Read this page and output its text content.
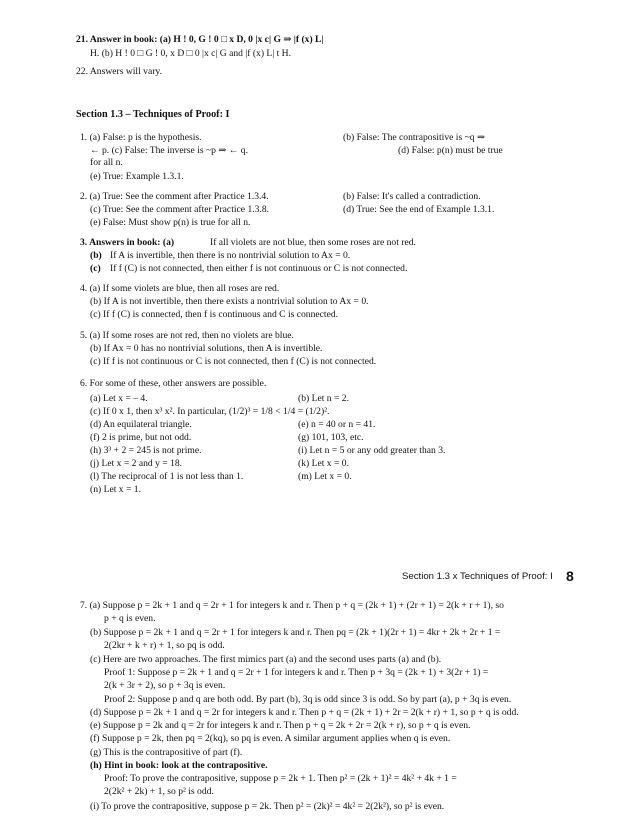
21. Answer in book: (a) H ! 0, G ! 0 □ x D, 0 |x c| G ⇒ |f (x) L|
H. (b) H ! 0 □ G ! 0, x D □ 0 |x c| G and |f (x) L| t H.
22. Answers will vary.
Section 1.3 – Techniques of Proof: I
1. (a) False: p is the hypothesis.	(b) False: The contrapositive is ~q ⇒
← p. (c) False: The inverse is ~p ⇒ ← q.	(d) False: p(n) must be true
for all n.
(e) True: Example 1.3.1.
2. (a) True: See the comment after Practice 1.3.4.	(b) False: It's called a contradiction.
(c) True: See the comment after Practice 1.3.8.	(d) True: See the end of Example 1.3.1.
(e) False: Must show p(n) is true for all n.
3. Answers in book: (a)	If all violets are not blue, then some roses are not red.
(b) If A is invertible, then there is no nontrivial solution to Ax = 0.
(c) If f (C) is not connected, then either f is not continuous or C is not connected.
4. (a) If some violets are blue, then all roses are red.
(b) If A is not invertible, then there exists a nontrivial solution to Ax = 0.
(c) If f (C) is connected, then f is continuous and C is connected.
5. (a) If some roses are not red, then no violets are blue.
(b) If Ax = 0 has no nontrivial solutions, then A is invertible.
(c) If f is not continuous or C is not connected, then f (C) is not connected.
6. For some of these, other answers are possible.
(a) Let x = – 4.	(b) Let n = 2.
(c) If 0 x 1, then x³ x². In particular, (1/2)³ = 1/8 < 1/4 = (1/2)².
(d) An equilateral triangle.	(e) n = 40 or n = 41.
(f) 2 is prime, but not odd.	(g) 101, 103, etc.
(h) 3³ + 2 = 245 is not prime.	(i) Let n = 5 or any odd greater than 3.
(j) Let x = 2 and y = 18.	(k) Let x = 0.
(l) The reciprocal of 1 is not less than 1.	(m) Let x = 0.
(n) Let x = 1.
Section 1.3 x Techniques of Proof: I 8
7. (a) Suppose p = 2k + 1 and q = 2r + 1 for integers k and r. Then p + q = (2k + 1) + (2r + 1) = 2(k + r + 1), so
p + q is even.
(b) Suppose p = 2k + 1 and q = 2r + 1 for integers k and r. Then pq = (2k + 1)(2r + 1) = 4kr + 2k + 2r + 1 =
2(2kr + k + r) + 1, so pq is odd.
(c) Here are two approaches. The first mimics part (a) and the second uses parts (a) and (b).
Proof 1: Suppose p = 2k + 1 and q = 2r + 1 for integers k and r. Then p + 3q = (2k + 1) + 3(2r + 1) =
2(k + 3r + 2), so p + 3q is even.
Proof 2: Suppose p and q are both odd. By part (b), 3q is odd since 3 is odd. So by part (a), p + 3q is even.
(d) Suppose p = 2k + 1 and q = 2r for integers k and r. Then p + q = (2k + 1) + 2r = 2(k + r) + 1, so p + q is odd.
(e) Suppose p = 2k and q = 2r for integers k and r. Then p + q = 2k + 2r = 2(k + r), so p + q is even.
(f) Suppose p = 2k, then pq = 2(kq), so pq is even. A similar argument applies when q is even.
(g) This is the contrapositive of part (f).
(h) Hint in book: look at the contrapositive.
Proof: To prove the contrapositive, suppose p = 2k + 1. Then p² = (2k + 1)² = 4k² + 4k + 1 =
2(2k² + 2k) + 1, so p² is odd.
(i) To prove the contrapositive, suppose p = 2k. Then p² = (2k)² = 4k² = 2(2k²), so p² is even.
